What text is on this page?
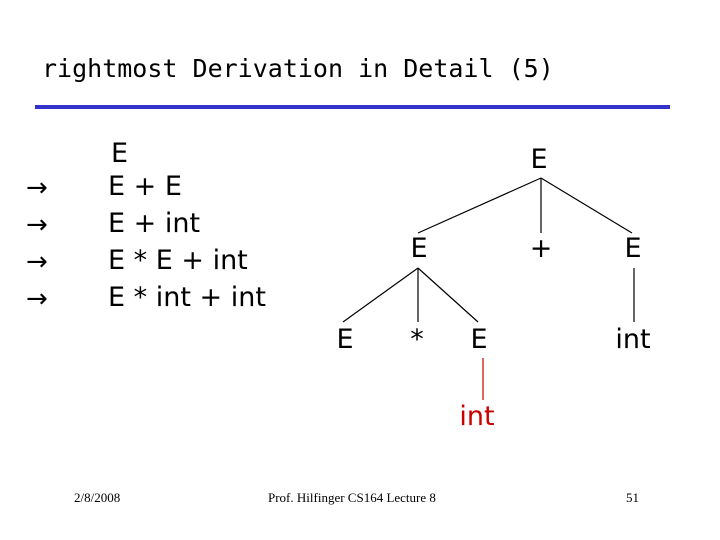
rightmost Derivation in Detail (5)
E
→ E + E
→ E + int
→ E * E + int
→ E * int + int
E
E	+	E
E * E	int
int
2/8/2008	Prof. Hilfinger CS164 Lecture 8	51
